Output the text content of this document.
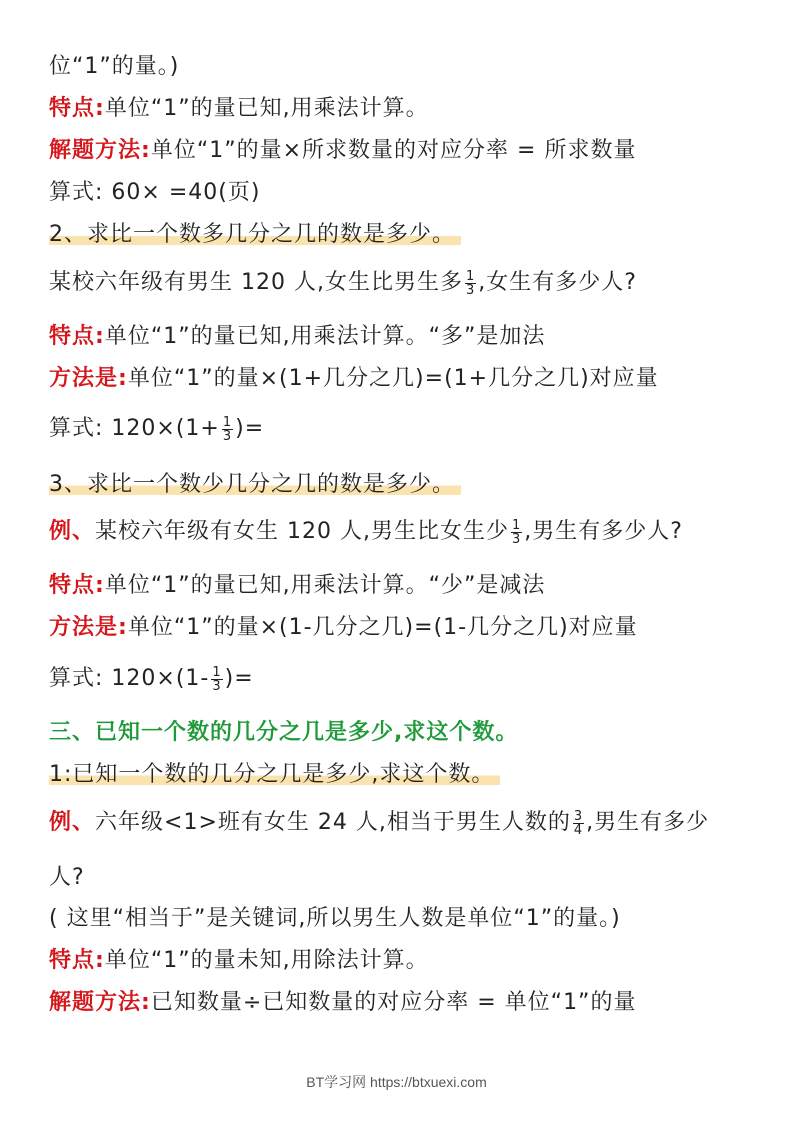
位“1”的量。)
特点:单位“1”的量已知,用乘法计算。
解题方法:单位“1”的量×所求数量的对应分率 = 所求数量
算式: 60× =40(页)
2、求比一个数多几分之几的数是多少。
某校六年级有男生 120 人,女生比男生多 $\frac{1}{3}$ ,女生有多少人?
特点:单位“1”的量已知,用乘法计算。“多”是加法
方法是:单位“1”的量×(1+几分之几)=(1+几分之几)对应量
算式: $120\times(1+ \frac{1}{3}$ )=
3、求比一个数少几分之几的数是多少。
例、某校六年级有女生 120 人,男生比女生少 $\frac{1}{3}$ ,男生有多少人?
特点:单位“1”的量已知,用乘法计算。“少”是减法
方法是:单位“1”的量×(1-几分之几)=(1-几分之几)对应量
算式: $120\times(1- \frac{1}{3}$ )=
三、已知一个数的几分之几是多少,求这个数。
1:已知一个数的几分之几是多少,求这个数。
例、六年级<1>班有女生 24 人,相当于男生人数的 $\frac{3}{4}$ ,男生有多少
人?
( 这里“相当于”是关键词,所以男生人数是单位“1”的量。)
特点:单位“1”的量未知,用除法计算。
解题方法:已知数量÷已知数量的对应分率 = 单位“1”的量
BT学习网 https://btxuexi.com
